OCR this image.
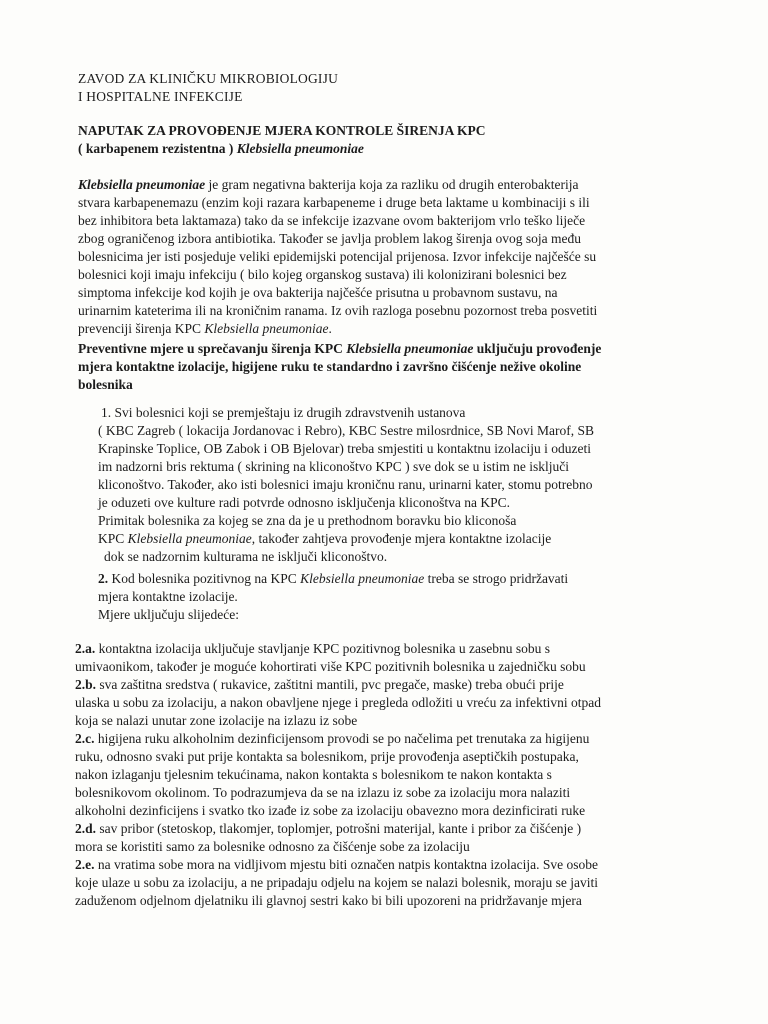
ZAVOD ZA KLINIČKU MIKROBIOLOGIJU
I HOSPITALNE INFEKCIJE
NAPUTAK ZA PROVOĐENJE MJERA KONTROLE ŠIRENJA KPC
( karbapenem rezistentna ) Klebsiella pneumoniae
Klebsiella pneumoniae je gram negativna bakterija koja za razliku od drugih enterobakterija
stvara karbapenemazu (enzim koji razara karbapeneme i druge beta laktame u kombinaciji s ili
bez inhibitora beta laktamaza) tako da se infekcije izazvane ovom bakterijom vrlo teško liječe
zbog ograničenog izbora antibiotika. Također se javlja problem lakog širenja ovog soja među
bolesnicima jer isti posjeduje veliki epidemijski potencijal prijenosa. Izvor infekcije najčešće su
bolesnici koji imaju infekciju ( bilo kojeg organskog sustava) ili kolonizirani bolesnici bez
simptoma infekcije kod kojih je ova bakterija najčešće prisutna u probavnom sustavu, na
urinarnim kateterima ili na kroničnim ranama. Iz ovih razloga posebnu pozornost treba posvetiti
prevenciji širenja KPC Klebsiella pneumoniae.
Preventivne mjere u sprečavanju širenja KPC Klebsiella pneumoniae uključuju provođenje
mjera kontaktne izolacije, higijene ruku te standardno i završno čišćenje nežive okoline
bolesnika
1. Svi bolesnici koji se premještaju iz drugih zdravstvenih ustanova
( KBC Zagreb ( lokacija Jordanovac i Rebro), KBC Sestre milosrdnice, SB Novi Marof, SB
Krapinske Toplice, OB Zabok i OB Bjelovar) treba smjestiti u kontaktnu izolaciju i oduzeti
im nadzorni bris rektuma ( skrining na kliconoštvo KPC ) sve dok se u istim ne isključi
kliconoštvo. Također, ako isti bolesnici imaju kroničnu ranu, urinarni kater, stomu potrebno
je oduzeti ove kulture radi potvrde odnosno isključenja kliconoštva na KPC.
Primitak bolesnika za kojeg se zna da je u prethodnom boravku bio kliconoša
KPC Klebsiella pneumoniae, također zahtjeva provođenje mjera kontaktne izolacije
dok se nadzornim kulturama ne isključi kliconoštvo.
2. Kod bolesnika pozitivnog na KPC Klebsiella pneumoniae treba se strogo pridržavati
mjera kontaktne izolacije.
Mjere uključuju slijedeće:
2.a. kontaktna izolacija uključuje stavljanje KPC pozitivnog bolesnika u zasebnu sobu s
umivaonikom, također je moguće kohortirati više KPC pozitivnih bolesnika u zajedničku sobu
2.b. sva zaštitna sredstva ( rukavice, zaštitni mantili, pvc pregače, maske) treba obući prije
ulaska u sobu za izolaciju, a nakon obavljene njege i pregleda odložiti u vreću za infektivni otpad
koja se nalazi unutar zone izolacije na izlazu iz sobe
2.c. higijena ruku alkoholnim dezinficijensom provodi se po načelima pet trenutaka za higijenu
ruku, odnosno svaki put prije kontakta sa bolesnikom, prije provođenja aseptičkih postupaka,
nakon izlaganju tjelesnim tekućinama, nakon kontakta s bolesnikom te nakon kontakta s
bolesnikovom okolinom. To podrazumjeva da se na izlazu iz sobe za izolaciju mora nalaziti
alkoholni dezinficijens i svatko tko izađe iz sobe za izolaciju obavezno mora dezinficirati ruke
2.d. sav pribor (stetoskop, tlakomjer, toplomjer, potrošni materijal, kante i pribor za čišćenje )
mora se koristiti samo za bolesnike odnosno za čišćenje sobe za izolaciju
2.e. na vratima sobe mora na vidljivom mjestu biti označen natpis kontaktna izolacija. Sve osobe
koje ulaze u sobu za izolaciju, a ne pripadaju odjelu na kojem se nalazi bolesnik, moraju se javiti
zaduženom odjelnom djelatniku ili glavnoj sestri kako bi bili upozoreni na pridržavanje mjera
